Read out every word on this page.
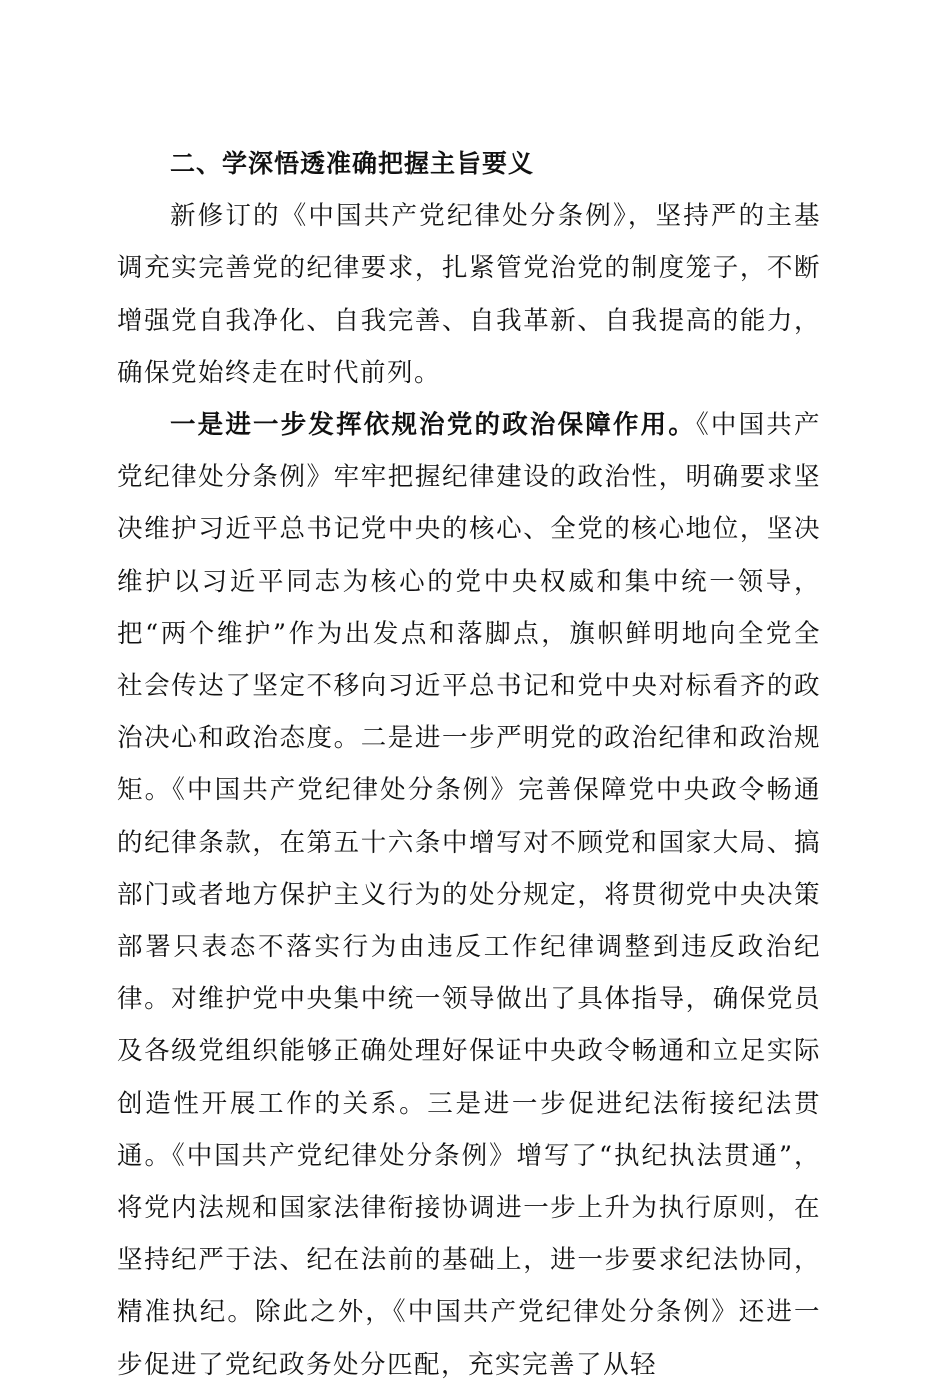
二、学深悟透准确把握主旨要义

新修订的《中国共产党纪律处分条例》，坚持严的主基调充实完善党的纪律要求，扎紧管党治党的制度笼子，不断增强党自我净化、自我完善、自我革新、自我提高的能力，确保党始终走在时代前列。

一是进一步发挥依规治党的政治保障作用。《中国共产党纪律处分条例》牢牢把握纪律建设的政治性，明确要求坚决维护习近平总书记党中央的核心、全党的核心地位，坚决维护以习近平同志为核心的党中央权威和集中统一领导，把“两个维护”作为出发点和落脚点，旗帜鲜明地向全党全社会传达了坚定不移向习近平总书记和党中央对标看齐的政治决心和政治态度。二是进一步严明党的政治纪律和政治规矩。《中国共产党纪律处分条例》完善保障党中央政令畅通的纪律条款，在第五十六条中增写对不顾党和国家大局、搞部门或者地方保护主义行为的处分规定，将贯彻党中央决策部署只表态不落实行为由违反工作纪律调整到违反政治纪律。对维护党中央集中统一领导做出了具体指导，确保党员及各级党组织能够正确处理好保证中央政令畅通和立足实际创造性开展工作的关系。三是进一步促进纪法衔接纪法贯通。《中国共产党纪律处分条例》增写了“执纪执法贯通”，将党内法规和国家法律衔接协调进一步上升为执行原则，在坚持纪严于法、纪在法前的基础上，进一步要求纪法协同，精准执纪。除此之外，《中国共产党纪律处分条例》还进一步促进了党纪政务处分匹配，充实完善了从轻
